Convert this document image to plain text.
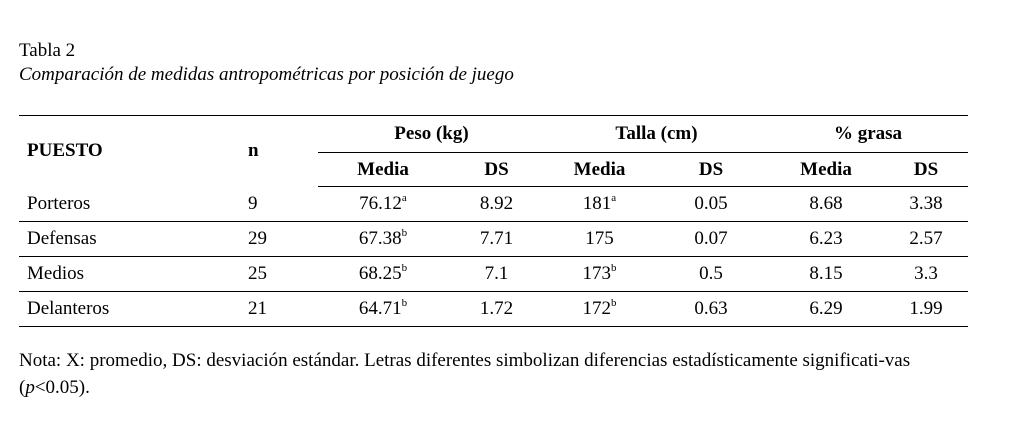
Tabla 2
Comparación de medidas antropométricas por posición de juego
PUESTO	n	Peso (kg)		Talla (cm)		% grasa	
		Media	DS	Media	DS	Media	DS
Porteros	9	76.12$^a$	8.92	181$^a$	0.05	8.68	3.38
Defensas	29	67.38$^b$	7.71	175	0.07	6.23	2.57
Medios	25	68.25$^b$	7.1	173$^b$	0.5	8.15	3.3
Delanteros	21	64.71$^b$	1.72	172$^b$	0.63	6.29	1.99
Nota: X: promedio, DS: desviación estándar. Letras diferentes simbolizan diferencias estadísticamente significati-vas (p<0.05).
